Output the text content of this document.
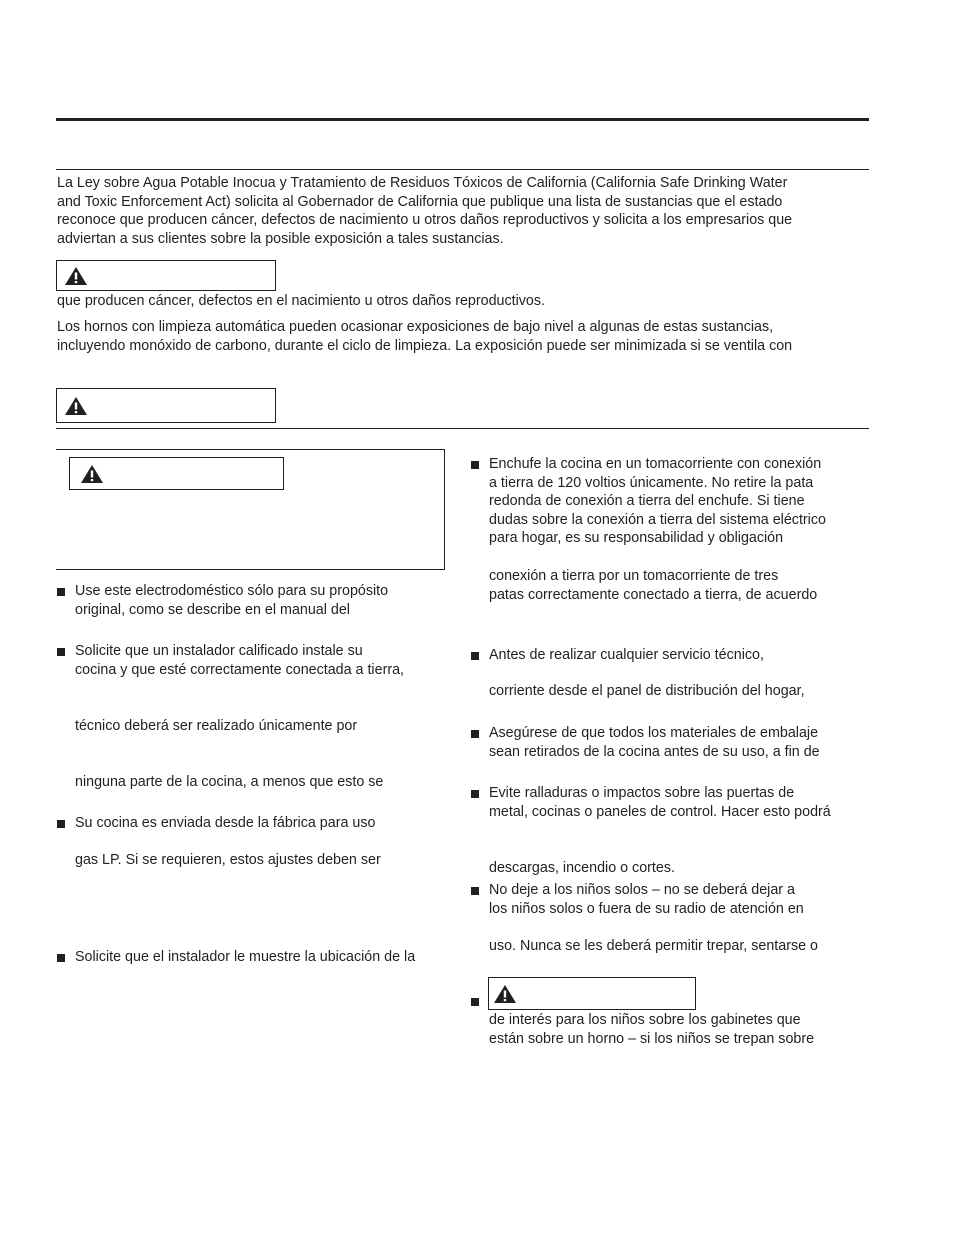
La Ley sobre Agua Potable Inocua y Tratamiento de Residuos Tóxicos de California (California Safe Drinking Water
and Toxic Enforcement Act) solicita al Gobernador de California que publique una lista de sustancias que el estado
reconoce que producen cáncer, defectos de nacimiento u otros daños reproductivos y solicita a los empresarios que
adviertan a sus clientes sobre la posible exposición a tales sustancias.
que producen cáncer, defectos en el nacimiento u otros daños reproductivos.
Los hornos con limpieza automática pueden ocasionar exposiciones de bajo nivel a algunas de estas sustancias,
incluyendo monóxido de carbono, durante el ciclo de limpieza. La exposición puede ser minimizada si se ventila con
Use este electrodoméstico sólo para su propósito
original, como se describe en el manual del
Solicite que un instalador calificado instale su
cocina y que esté correctamente conectada a tierra,
técnico deberá ser realizado únicamente por
ninguna parte de la cocina, a menos que esto se
Su cocina es enviada desde la fábrica para uso
gas LP. Si se requieren, estos ajustes deben ser
Solicite que el instalador le muestre la ubicación de la
Enchufe la cocina en un tomacorriente con conexión
a tierra de 120 voltios únicamente. No retire la pata
redonda de conexión a tierra del enchufe. Si tiene
dudas sobre la conexión a tierra del sistema eléctrico
para hogar, es su responsabilidad y obligación
conexión a tierra por un tomacorriente de tres
patas correctamente conectado a tierra, de acuerdo
Antes de realizar cualquier servicio técnico,
corriente desde el panel de distribución del hogar,
Asegúrese de que todos los materiales de embalaje
sean retirados de la cocina antes de su uso, a fin de
Evite ralladuras o impactos sobre las puertas de
metal, cocinas o paneles de control. Hacer esto podrá
descargas, incendio o cortes.
No deje a los niños solos – no se deberá dejar a
los niños solos o fuera de su radio de atención en
uso. Nunca se les deberá permitir trepar, sentarse o
de interés para los niños sobre los gabinetes que
están sobre un horno – si los niños se trepan sobre
